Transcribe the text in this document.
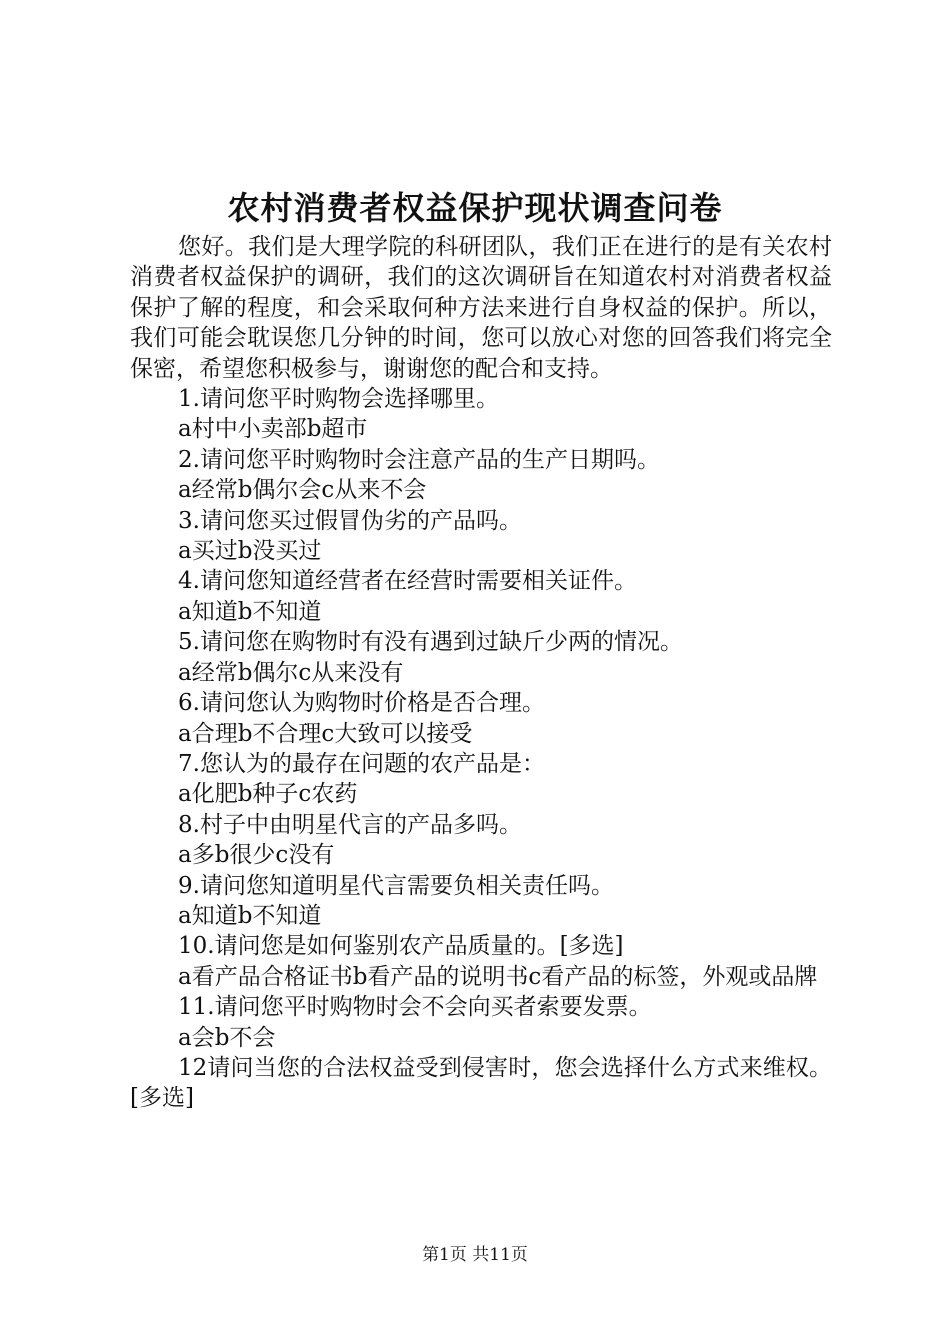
农村消费者权益保护现状调查问卷

您好。我们是大理学院的科研团队，我们正在进行的是有关农村消费者权益保护的调研，我们的这次调研旨在知道农村对消费者权益保护了解的程度，和会采取何种方法来进行自身权益的保护。所以，我们可能会耽误您几分钟的时间，您可以放心对您的回答我们将完全保密，希望您积极参与，谢谢您的配合和支持。

1.请问您平时购物会选择哪里。

a村中小卖部b超市

2.请问您平时购物时会注意产品的生产日期吗。

a经常b偶尔会c从来不会

3.请问您买过假冒伪劣的产品吗。

a买过b没买过

4.请问您知道经营者在经营时需要相关证件。

a知道b不知道

5.请问您在购物时有没有遇到过缺斤少两的情况。

a经常b偶尔c从来没有

6.请问您认为购物时价格是否合理。

a合理b不合理c大致可以接受

7.您认为的最存在问题的农产品是：

a化肥b种子c农药

8.村子中由明星代言的产品多吗。

a多b很少c没有

9.请问您知道明星代言需要负相关责任吗。

a知道b不知道

10.请问您是如何鉴别农产品质量的。[多选]

a看产品合格证书b看产品的说明书c看产品的标签，外观或品牌

11.请问您平时购物时会不会向买者索要发票。

a会b不会

12请问当您的合法权益受到侵害时，您会选择什么方式来维权。[多选]

第1页 共11页
